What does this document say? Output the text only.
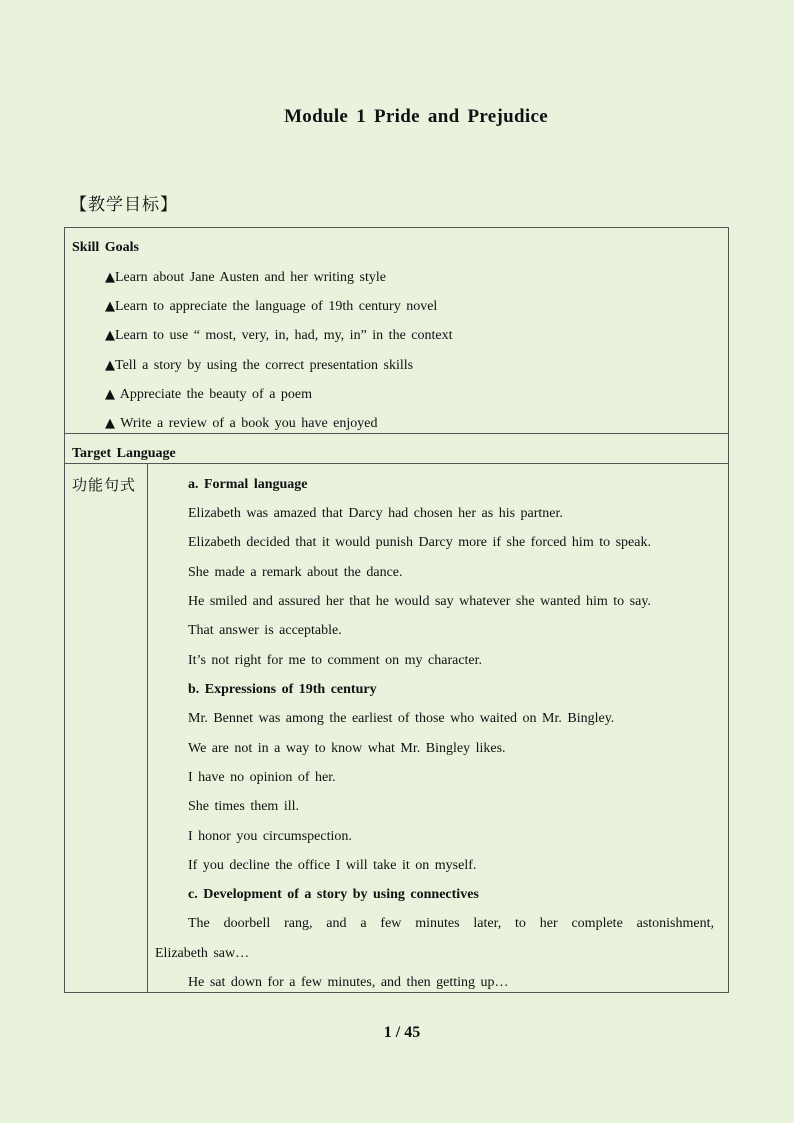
Module 1 Pride and Prejudice
【教学目标】
Skill Goals
▲Learn about Jane Austen and her writing style
▲Learn to appreciate the language of 19th century novel
▲Learn to use “ most, very, in, had, my, in” in the context
▲Tell a story by using the correct presentation skills
▲ Appreciate the beauty of a poem
▲ Write a review of a book you have enjoyed
Target Language
功能句式	a. Formal language
Elizabeth was amazed that Darcy had chosen her as his partner.
Elizabeth decided that it would punish Darcy more if she forced him to speak.
She made a remark about the dance.
He smiled and assured her that he would say whatever she wanted him to say.
That answer is acceptable.
It’s not right for me to comment on my character.
b. Expressions of 19th century
Mr. Bennet was among the earliest of those who waited on Mr. Bingley.
We are not in a way to know what Mr. Bingley likes.
I have no opinion of her.
She times them ill.
I honor you circumspection.
If you decline the office I will take it on myself.
c. Development of a story by using connectives
The doorbell rang, and a few minutes later, to her complete astonishment,
Elizabeth saw…
He sat down for a few minutes, and then getting up…
1 / 45
